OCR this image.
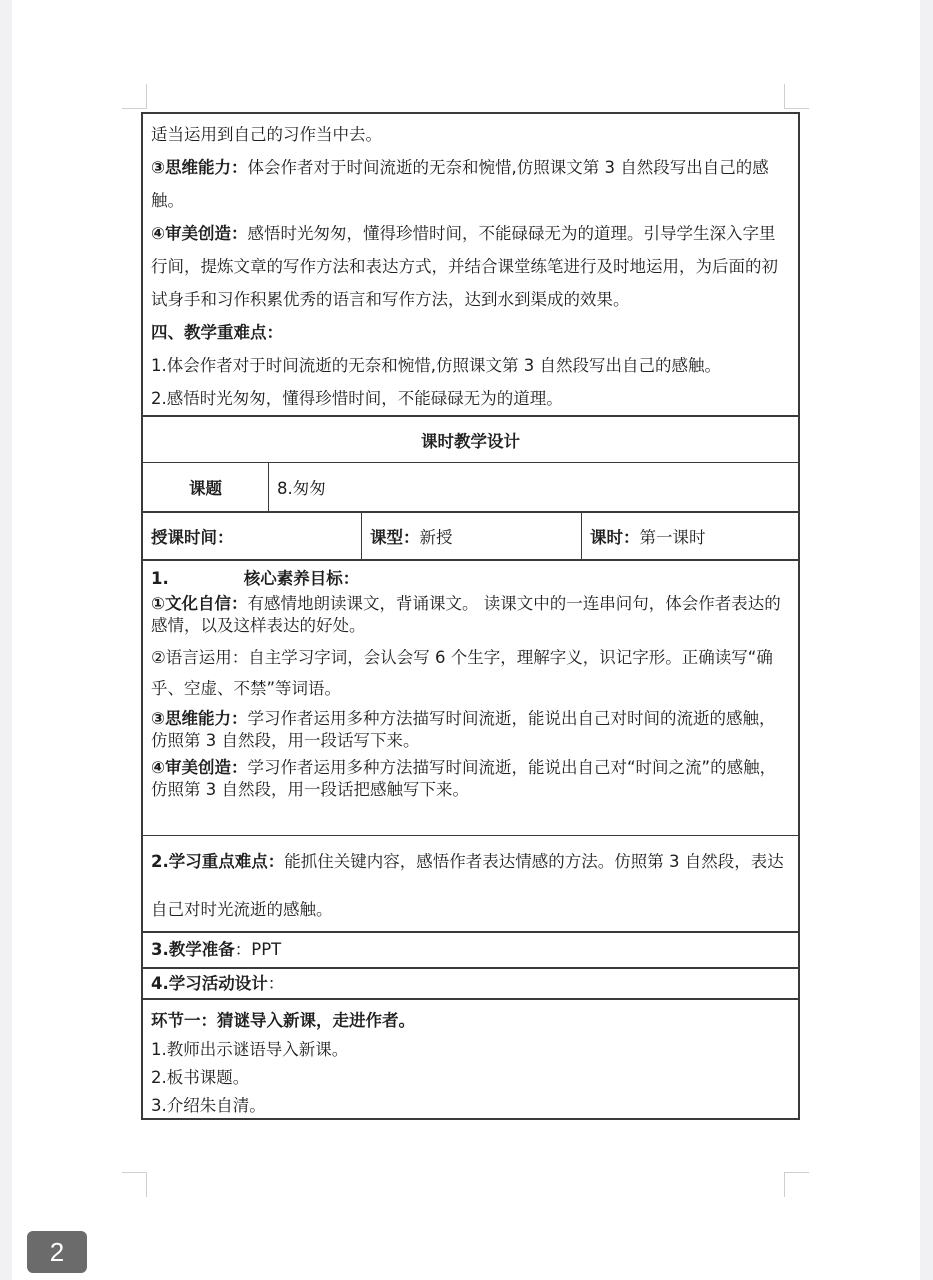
适当运用到自己的习作当中去。
③思维能力：体会作者对于时间流逝的无奈和惋惜,仿照课文第 3 自然段写出自己的感触。
④审美创造：感悟时光匆匆，懂得珍惜时间，不能碌碌无为的道理。引导学生深入字里行间，提炼文章的写作方法和表达方式，并结合课堂练笔进行及时地运用，为后面的初试身手和习作积累优秀的语言和写作方法，达到水到渠成的效果。
四、教学重难点：
1.体会作者对于时间流逝的无奈和惋惜,仿照课文第 3 自然段写出自己的感触。
2.感悟时光匆匆，懂得珍惜时间，不能碌碌无为的道理。
课时教学设计
课题	8.匆匆
授课时间：	课型： 新授	课时： 第一课时
1.	核心素养目标：
①文化自信：有感情地朗读课文，背诵课文。 读课文中的一连串问句，体会作者表达的感情，以及这样表达的好处。
②语言运用：自主学习字词，会认会写 6 个生字，理解字义，识记字形。正确读写“确乎、空虚、不禁”等词语。
③思维能力：学习作者运用多种方法描写时间流逝，能说出自己对时间的流逝的感触，仿照第 3 自然段，用一段话写下来。
④审美创造：学习作者运用多种方法描写时间流逝，能说出自己对“时间之流”的感触，仿照第 3 自然段，用一段话把感触写下来。
2.学习重点难点：能抓住关键内容，感悟作者表达情感的方法。仿照第 3 自然段，表达自己对时光流逝的感触。
3.教学准备：PPT
4.学习活动设计：
环节一：猜谜导入新课，走进作者。
1.教师出示谜语导入新课。
2.板书课题。
3.介绍朱自清。
2
